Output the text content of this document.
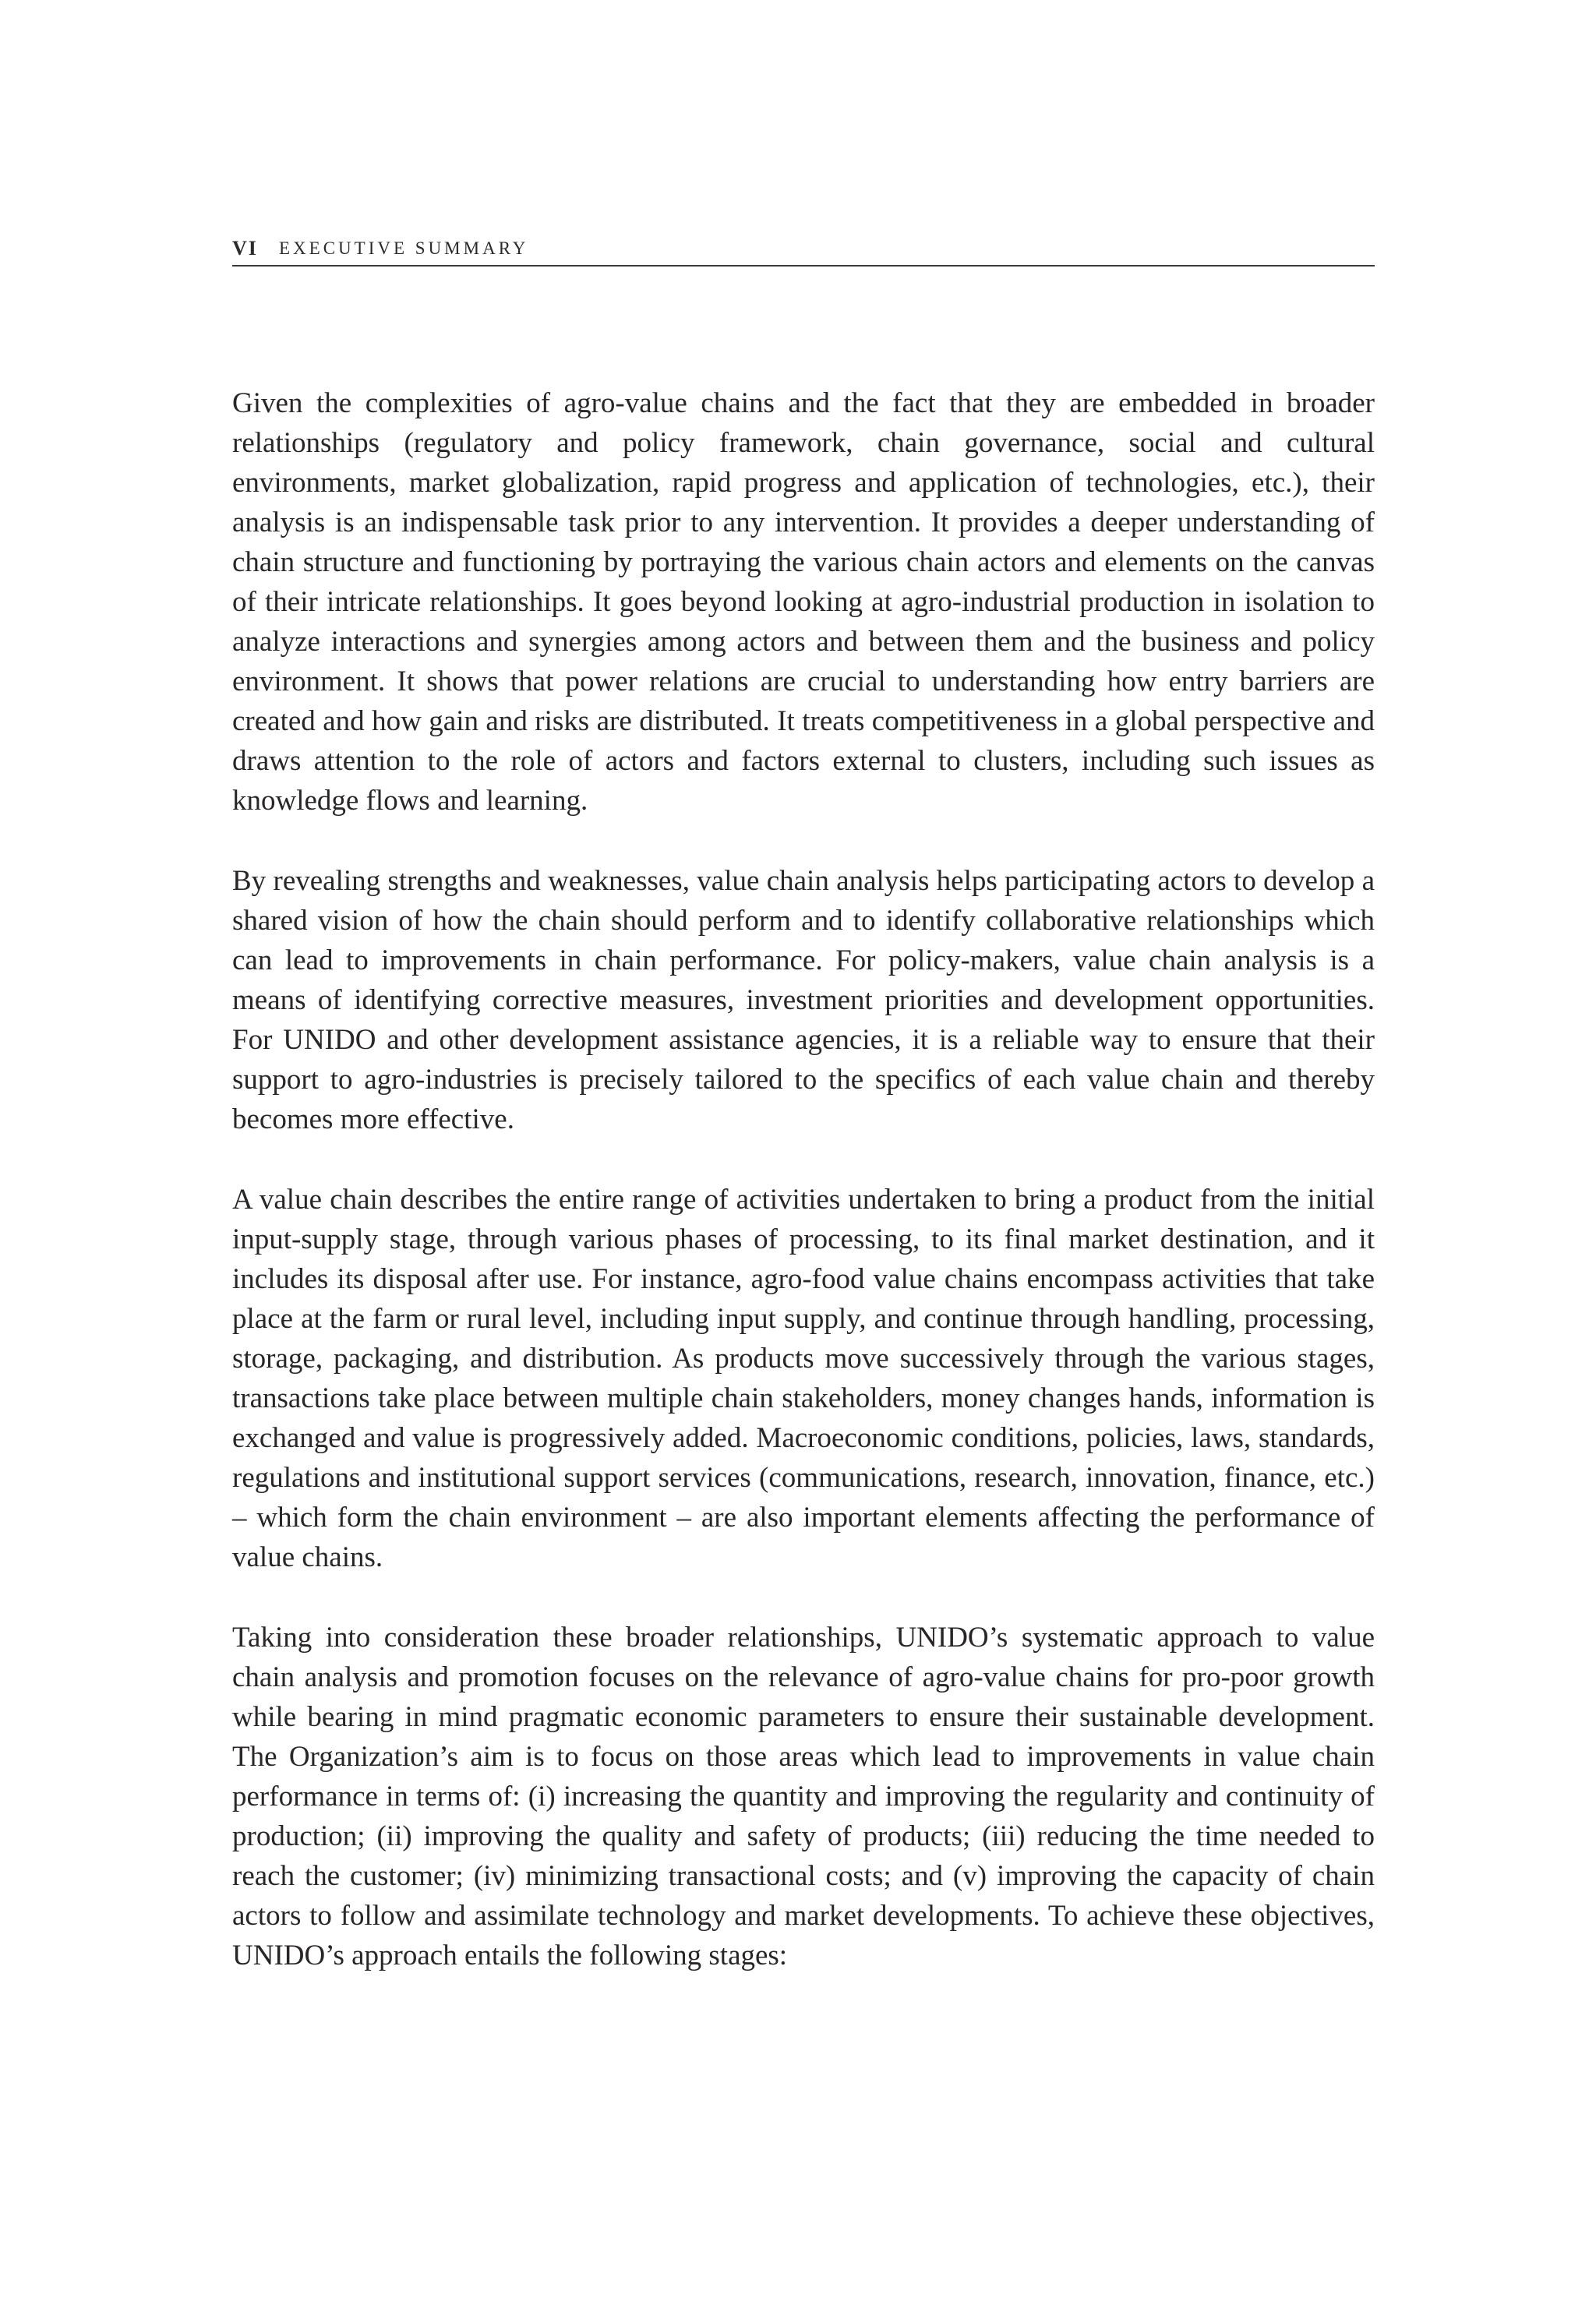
VI EXECUTIVE SUMMARY

Given the complexities of agro-value chains and the fact that they are embedded in broader relationships (regulatory and policy framework, chain governance, social and cultural environments, market globalization, rapid progress and application of technologies, etc.), their analysis is an indispensable task prior to any intervention. It provides a deeper understanding of chain structure and functioning by portraying the various chain actors and elements on the canvas of their intricate relationships. It goes beyond looking at agro-industrial production in isolation to analyze interactions and synergies among actors and between them and the business and policy environment. It shows that power relations are crucial to understanding how entry barriers are created and how gain and risks are distributed. It treats competitiveness in a global perspective and draws attention to the role of actors and factors external to clusters, including such issues as knowledge flows and learning.

By revealing strengths and weaknesses, value chain analysis helps participating actors to develop a shared vision of how the chain should perform and to identify collaborative relationships which can lead to improvements in chain performance. For policy-makers, value chain analysis is a means of identifying corrective measures, investment priorities and development opportunities. For UNIDO and other development assistance agencies, it is a reliable way to ensure that their support to agro-industries is precisely tailored to the specifics of each value chain and thereby becomes more effective.

A value chain describes the entire range of activities undertaken to bring a product from the initial input-supply stage, through various phases of processing, to its final market destination, and it includes its disposal after use. For instance, agro-food value chains encompass activities that take place at the farm or rural level, including input supply, and continue through handling, processing, storage, packaging, and distribution. As products move successively through the various stages, transactions take place between multiple chain stakeholders, money changes hands, information is exchanged and value is progressively added. Macroeconomic conditions, policies, laws, standards, regulations and institutional support services (communications, research, innovation, finance, etc.) – which form the chain environment – are also important elements affecting the performance of value chains.

Taking into consideration these broader relationships, UNIDO’s systematic approach to value chain analysis and promotion focuses on the relevance of agro-value chains for pro-poor growth while bearing in mind pragmatic economic parameters to ensure their sustainable development. The Organization’s aim is to focus on those areas which lead to improvements in value chain performance in terms of: (i) increasing the quantity and improving the regularity and continuity of production; (ii) improving the quality and safety of products; (iii) reducing the time needed to reach the customer; (iv) minimizing transactional costs; and (v) improving the capacity of chain actors to follow and assimilate technology and market developments. To achieve these objectives, UNIDO’s approach entails the following stages:
